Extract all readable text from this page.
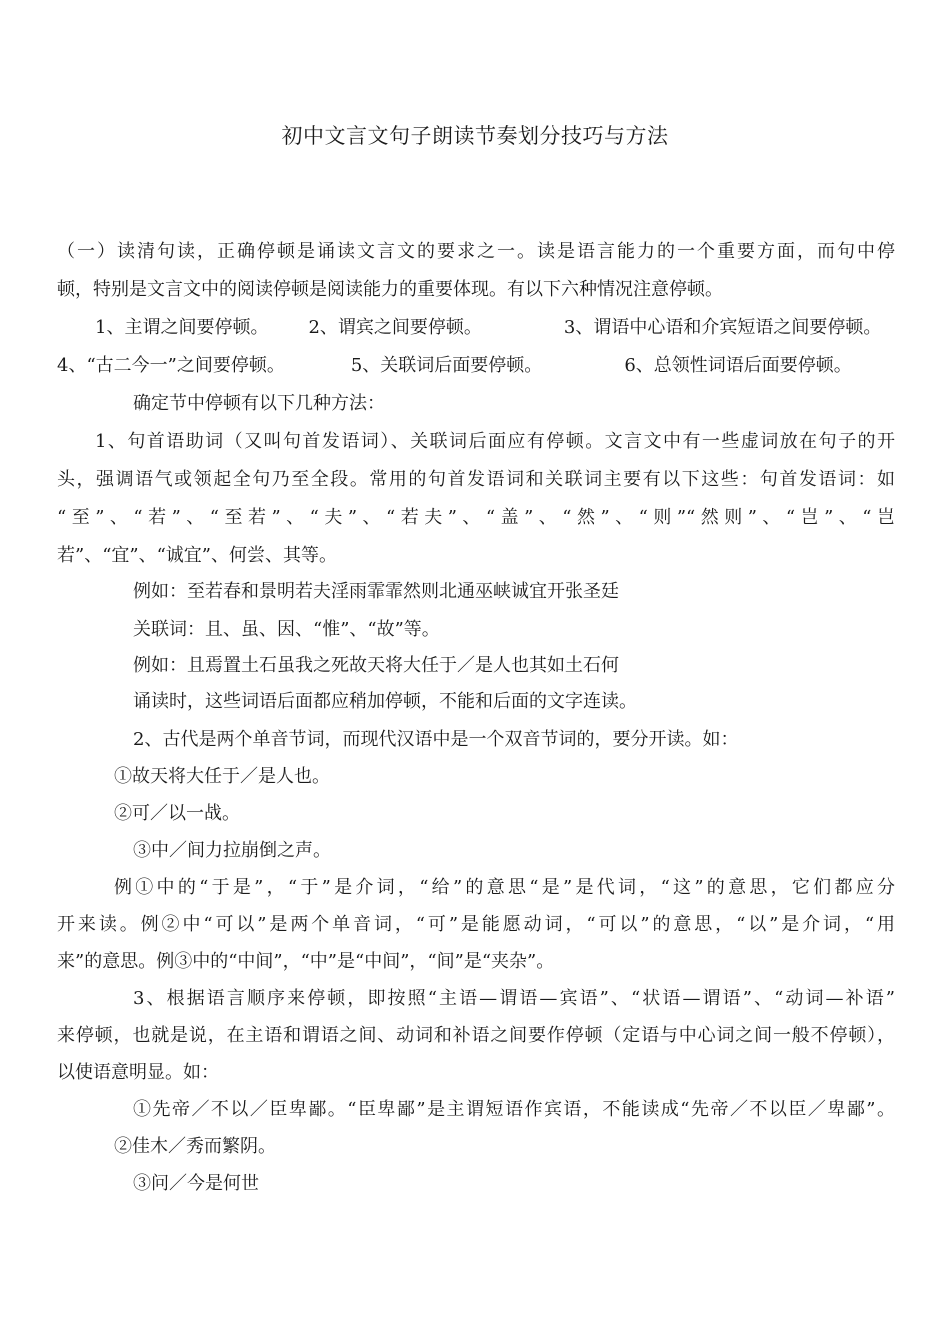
初中文言文句子朗读节奏划分技巧与方法
（一）读清句读，正确停顿是诵读文言文的要求之一。读是语言能力的一个重要方面，而句中停
顿，特别是文言文中的阅读停顿是阅读能力的重要体现。有以下六种情况注意停顿。
1、主谓之间要停顿。 2、谓宾之间要停顿。	3、谓语中心语和介宾短语之间要停顿。
4、“古二今一”之间要停顿。	5、关联词后面要停顿。	6、总领性词语后面要停顿。
确定节中停顿有以下几种方法：
1、句首语助词（又叫句首发语词）、关联词后面应有停顿。文言文中有一些虚词放在句子的开
头，强调语气或领起全句乃至全段。常用的句首发语词和关联词主要有以下这些：句首发语词：如
“至”、“若”、“至若”、“夫”、“若夫”、“盖”、“然”、“则”“然则”、“岂”、“岂
若”、“宜”、“诚宜”、何尝、其等。
例如：至若春和景明若夫淫雨霏霏然则北通巫峡诚宜开张圣廷
关联词：且、虽、因、“惟”、“故”等。
例如：且焉置土石虽我之死故天将大任于／是人也其如土石何
诵读时，这些词语后面都应稍加停顿，不能和后面的文字连读。
2、古代是两个单音节词，而现代汉语中是一个双音节词的，要分开读。如：
①故天将大任于／是人也。
②可／以一战。
③中／间力拉崩倒之声。
例①中的“于是”，“于”是介词，“给”的意思“是”是代词，“这”的意思，它们都应分
开来读。例②中“可以”是两个单音词，“可”是能愿动词，“可以”的意思，“以”是介词，“用
来”的意思。例③中的“中间”，“中”是“中间”，“间”是“夹杂”。
3、根据语言顺序来停顿，即按照“主语—谓语—宾语”、“状语—谓语”、“动词—补语”
来停顿，也就是说，在主语和谓语之间、动词和补语之间要作停顿（定语与中心词之间一般不停顿），
以使语意明显。如：
①先帝／不以／臣卑鄙。“臣卑鄙”是主谓短语作宾语，不能读成“先帝／不以臣／卑鄙”。
②佳木／秀而繁阴。
③问／今是何世
